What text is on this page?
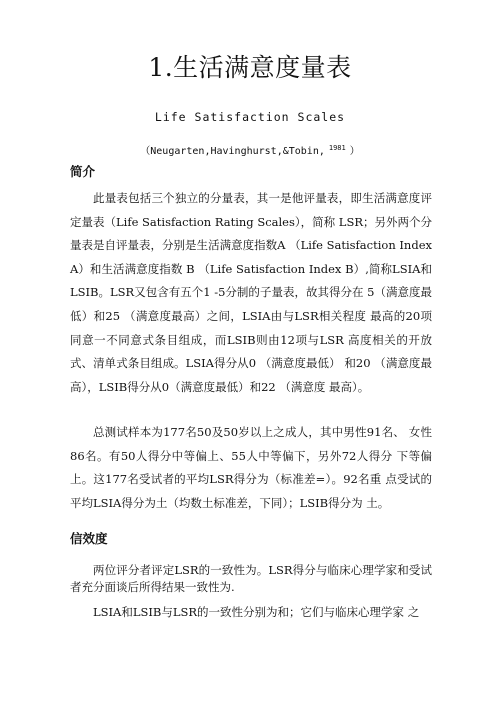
1.生活满意度量表
Life Satisfaction Scales
（Neugarten,Havinghurst,&Tobin, $^{1981}$ ）
简介

此量表包括三个独立的分量表，其一是他评量表，即生活满意度评定量表（Life Satisfaction Rating Scales），简称 LSR；另外两个分量表是自评量表，分别是生活满意度指数A （Life Satisfaction Index A）和生活满意度指数 B （Life Satisfaction Index B）,简称LSIA和LSIB。LSR又包含有五个1 -5分制的子量表，故其得分在 5（满意度最低）和25 （满意度最高）之间，LSIA由与LSR相关程度 最高的20项同意一不同意式条目组成，而LSIB则由12项与LSR 高度相关的开放式、清单式条目组成。LSIA得分从0 （满意度最低） 和20 （满意度最高），LSIB得分从0（满意度最低）和22 （满意度 最高）。

总测试样本为177名50及50岁以上之成人，其中男性91名、 女性86名。有50人得分中等偏上、55人中等偏下，另外72人得分 下等偏上。这177名受试者的平均LSR得分为（标准差=）。92名重 点受试的平均LSIA得分为土（均数土标准差，下同）；LSIB得分为 土。

信效度

两位评分者评定LSR的一致性为。LSR得分与临床心理学家和受试者充分面谈后所得结果一致性为.

LSIA和LSIB与LSR的一致性分别为和；它们与临床心理学家 之
